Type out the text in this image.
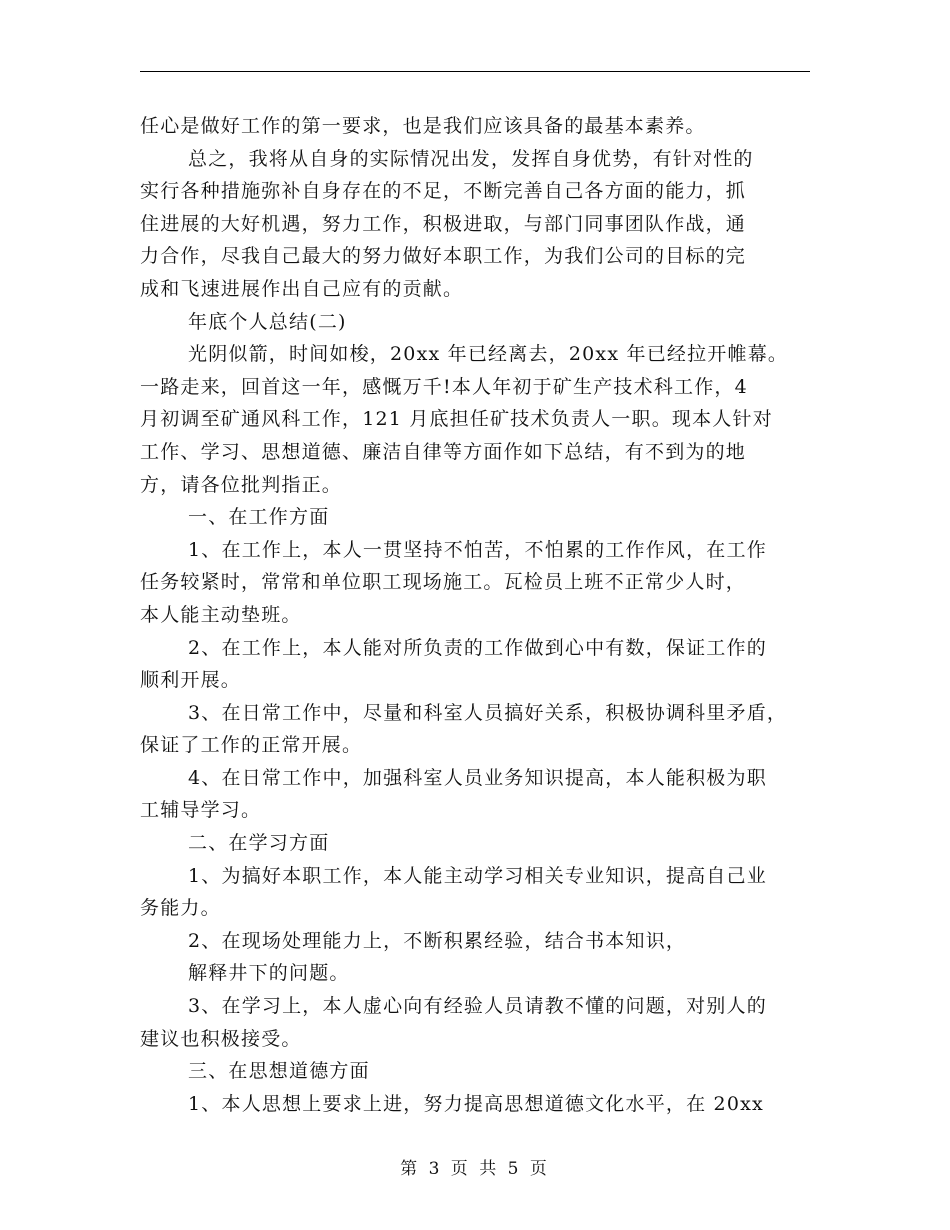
任心是做好工作的第一要求，也是我们应该具备的最基本素养。
总之，我将从自身的实际情况出发，发挥自身优势，有针对性的
实行各种措施弥补自身存在的不足，不断完善自己各方面的能力，抓
住进展的大好机遇，努力工作，积极进取，与部门同事团队作战，通
力合作，尽我自己最大的努力做好本职工作，为我们公司的目标的完
成和飞速进展作出自己应有的贡献。
年底个人总结(二)
光阴似箭，时间如梭，20xx 年已经离去，20xx 年已经拉开帷幕。
一路走来，回首这一年，感慨万千!本人年初于矿生产技术科工作，4
月初调至矿通风科工作，121 月底担任矿技术负责人一职。现本人针对
工作、学习、思想道德、廉洁自律等方面作如下总结，有不到为的地
方，请各位批判指正。
一、在工作方面
1、在工作上，本人一贯坚持不怕苦，不怕累的工作作风，在工作
任务较紧时，常常和单位职工现场施工。瓦检员上班不正常少人时，
本人能主动垫班。
2、在工作上，本人能对所负责的工作做到心中有数，保证工作的
顺利开展。
3、在日常工作中，尽量和科室人员搞好关系，积极协调科里矛盾，
保证了工作的正常开展。
4、在日常工作中，加强科室人员业务知识提高，本人能积极为职
工辅导学习。
二、在学习方面
1、为搞好本职工作，本人能主动学习相关专业知识，提高自己业
务能力。
2、在现场处理能力上，不断积累经验，结合书本知识，
解释井下的问题。
3、在学习上，本人虚心向有经验人员请教不懂的问题，对别人的
建议也积极接受。
三、在思想道德方面
1、本人思想上要求上进，努力提高思想道德文化水平，在 20xx
第 3 页 共 5 页
